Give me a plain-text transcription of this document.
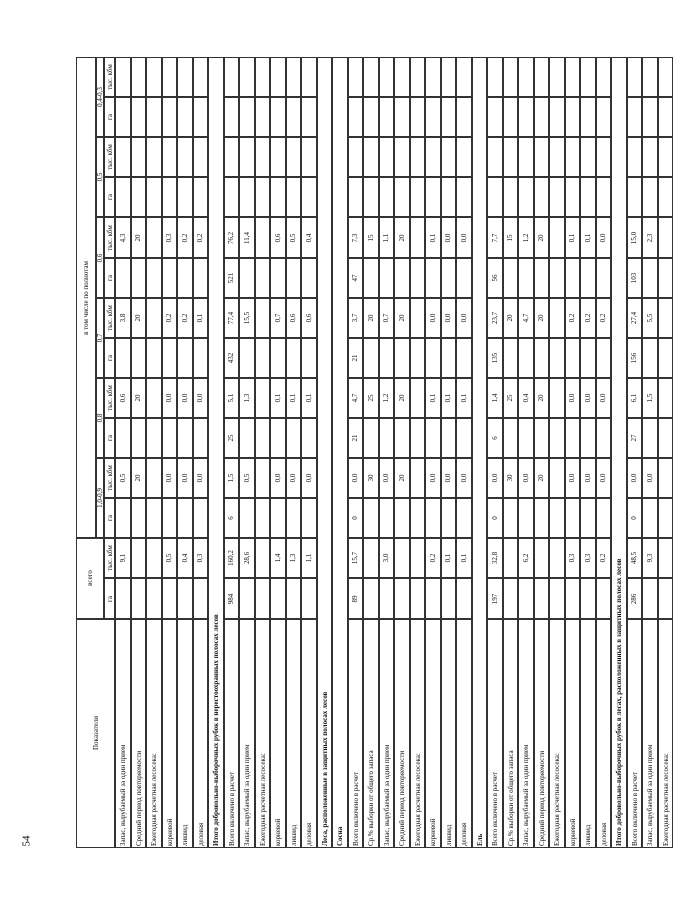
Показатели
всего
в том числе по полнотам
1,0-0,9
0,8
0,7
0,6
0,5
0,4-0,3
га
тыс. кбм
га
тыс. кбм
га
тыс. кбм
га
тыс. кбм
га
тыс. кбм
га
тыс. кбм
га
тыс. кбм
Запас, вырубаемый за один прием
9,1
0,5
0,6
3,8
4,3
Средний период повторяемости
20
20
20
20
Ежегодная расчетная лесосека: корневой
0,5
0,0
0,0
0,2
0,3
ликвид
0,4
0,0
0,0
0,2
0,2
деловая
0,3
0,0
0,0
0,1
0,2
Итого добровольно-выборочных рубок в нерестоохранных полосах лесов Всего включено в расчет
984
160,2
6
1,5
25
5,1
432
77,4
521
76,2
Запас, вырубаемый за один прием
28,6
0,5
1,3
15,5
11,4
Ежегодная расчетная лесосека: корневой
1,4
0,0
0,1
0,7
0,6
ликвид
1,3
0,0
0,1
0,6
0,5
деловая
1,1
0,0
0,1
0,6
0,4
Леса, расположенные в защитных полосах лесов Сосна Всего включено в расчет
89
15,7
0
0,0
21
4,7
21
3,7
47
7,3
Ср.% выборки от общего запаса
30
25
20
15
Запас, вырубаемый за один прием
3,0
0,0
1,2
0,7
1,1
Средний период повторяемости
20
20
20
20
Ежегодная расчетная лесосека: корневой
0,2
0,0
0,1
0,0
0,1
ликвид
0,1
0,0
0,1
0,0
0,0
деловая
0,1
0,0
0,1
0,0
0,0
Ель Всего включено в расчет
197
32,8
0
0,0
6
1,4
135
23,7
56
7,7
Ср.% выборки от общего запаса
30
25
20
15
Запас, вырубаемый за один прием
6,2
0,0
0,4
4,7
1,2
Средний период повторяемости
20
20
20
20
Ежегодная расчетная лесосека: корневой
0,3
0,0
0,0
0,2
0,1
ликвид
0,3
0,0
0,0
0,2
0,1
деловая
0,2
0,0
0,0
0,2
0,0
Итого добровольно-выборочных рубок в лесах, расположенных в защитных полосах лесов Всего включено в расчет
286
48,5
0
0,0
27
6,1
156
27,4
103
15,0
Запас, вырубаемый за один прием
9,3
0,0
1,5
5,5
2,3
Ежегодная расчетная лесосека:
54
